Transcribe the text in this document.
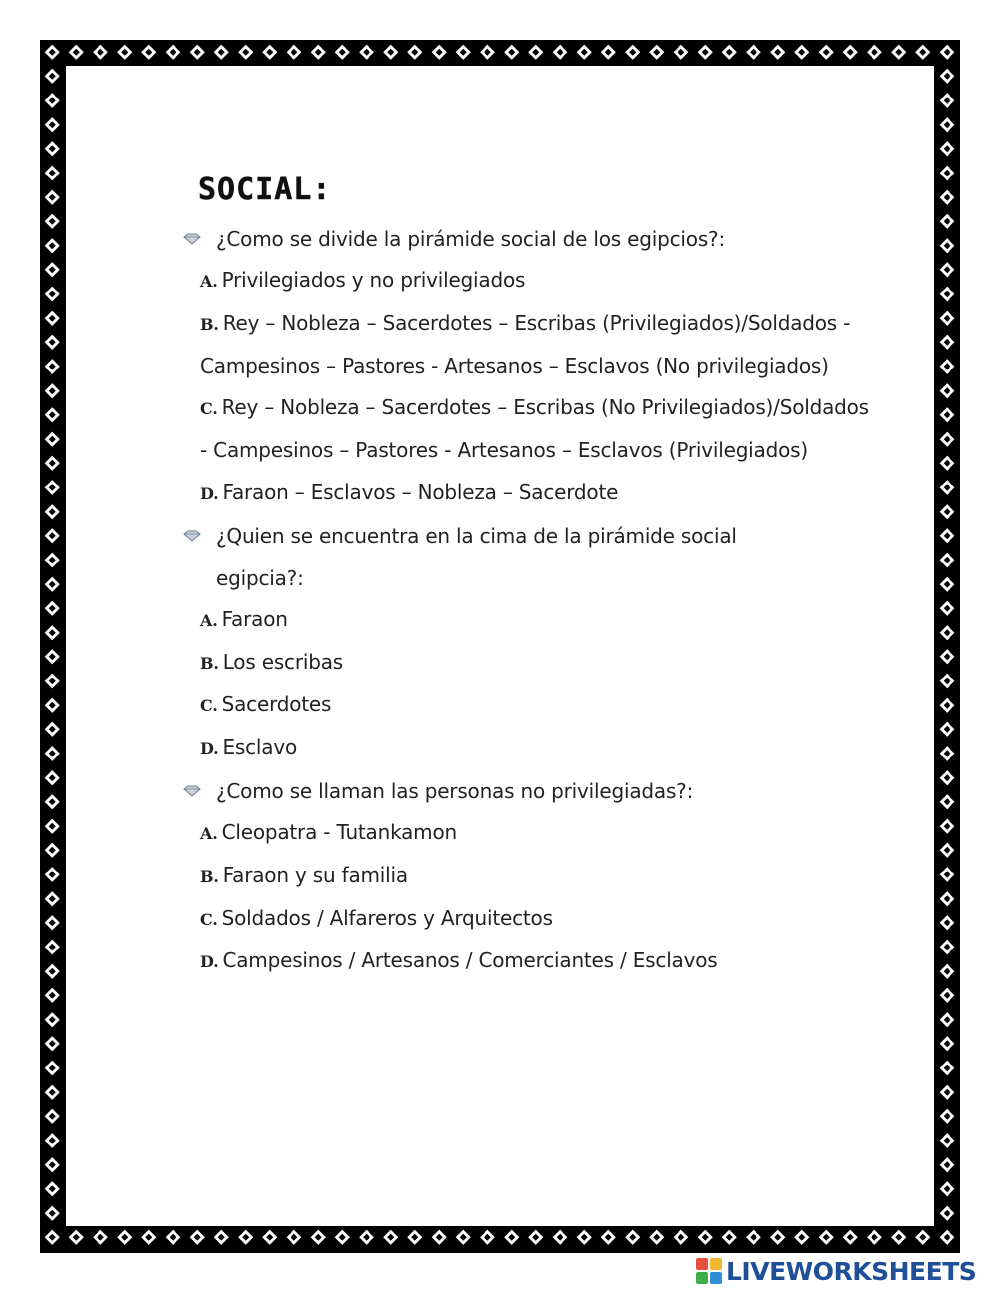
SOCIAL:
¿Como se divide la pirámide social de los egipcios?:
A. Privilegiados y no privilegiados
B. Rey – Nobleza – Sacerdotes – Escribas (Privilegiados)/Soldados - Campesinos – Pastores - Artesanos – Esclavos (No privilegiados)
C. Rey – Nobleza – Sacerdotes – Escribas (No Privilegiados)/Soldados - Campesinos – Pastores - Artesanos – Esclavos (Privilegiados)
D. Faraon – Esclavos – Nobleza – Sacerdote
¿Quien se encuentra en la cima de la pirámide social egipcia?:
A. Faraon
B. Los escribas
C. Sacerdotes
D. Esclavo
¿Como se llaman las personas no privilegiadas?:
A. Cleopatra - Tutankamon
B. Faraon y su familia
C. Soldados / Alfareros y Arquitectos
D. Campesinos / Artesanos / Comerciantes / Esclavos
LIVEWORKSHEETS
